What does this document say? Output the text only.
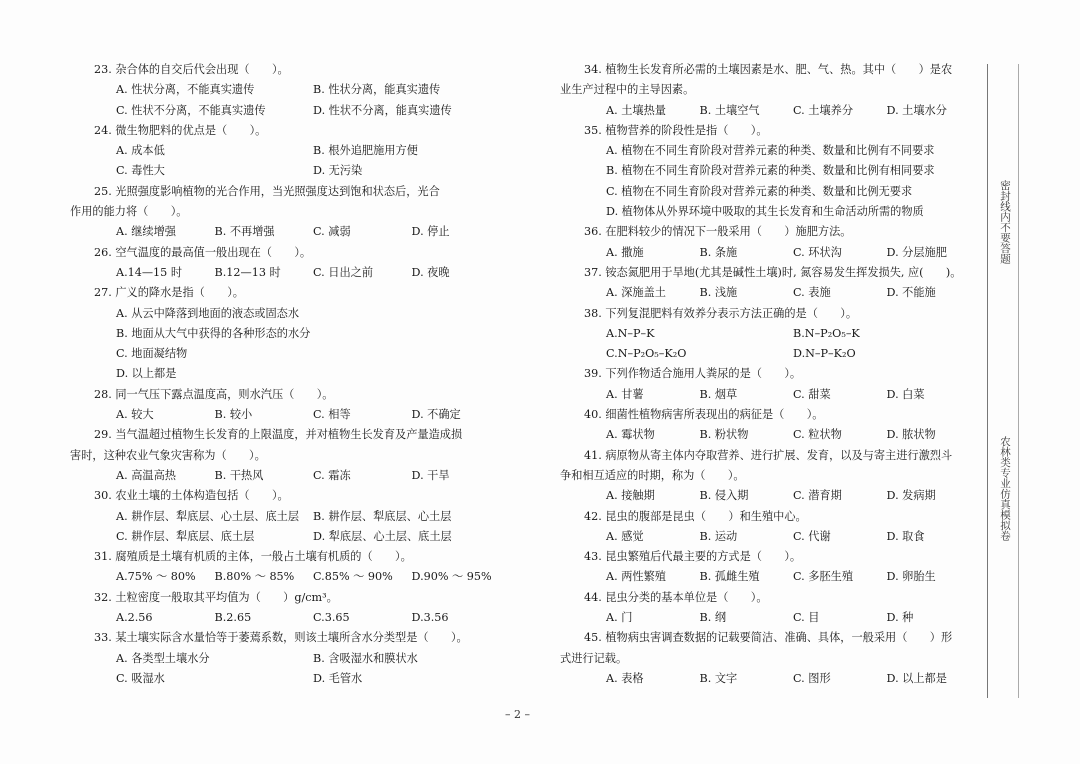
23. 杂合体的自交后代会出现（　　）。
A. 性状分离，不能真实遗传	B. 性状分离，能真实遗传
C. 性状不分离，不能真实遗传	D. 性状不分离，能真实遗传
24. 微生物肥料的优点是（　　）。
A. 成本低	B. 根外追肥施用方便
C. 毒性大	D. 无污染
25. 光照强度影响植物的光合作用，当光照强度达到饱和状态后，光合
作用的能力将（　　）。
A. 继续增强	B. 不再增强	C. 减弱	D. 停止
26. 空气温度的最高值一般出现在（　　）。
A.14—15 时	B.12—13 时	C. 日出之前	D. 夜晚
27. 广义的降水是指（　　）。
A. 从云中降落到地面的液态或固态水
B. 地面从大气中获得的各种形态的水分
C. 地面凝结物
D. 以上都是
28. 同一气压下露点温度高，则水汽压（　　）。
A. 较大	B. 较小	C. 相等	D. 不确定
29. 当气温超过植物生长发育的上限温度，并对植物生长发育及产量造成损
害时，这种农业气象灾害称为（　　）。
A. 高温高热	B. 干热风	C. 霜冻	D. 干旱
30. 农业土壤的土体构造包括（　　）。
A. 耕作层、犁底层、心土层、底土层	B. 耕作层、犁底层、心土层
C. 耕作层、犁底层、底土层	D. 犁底层、心土层、底土层
31. 腐殖质是土壤有机质的主体，一般占土壤有机质的（　　）。
A.75% ～ 80%	B.80% ～ 85%	C.85% ～ 90%	D.90% ～ 95%
32. 土粒密度一般取其平均值为（　　）g/cm³。
A.2.56	B.2.65	C.3.65	D.3.56
33. 某土壤实际含水量恰等于萎蔫系数，则该土壤所含水分类型是（　　）。
A. 各类型土壤水分	B. 含吸湿水和膜状水
C. 吸湿水	D. 毛管水
34. 植物生长发育所必需的土壤因素是水、肥、气、热。其中（　　）是农
业生产过程中的主导因素。
A. 土壤热量	B. 土壤空气	C. 土壤养分	D. 土壤水分
35. 植物营养的阶段性是指（　　）。
A. 植物在不同生育阶段对营养元素的种类、数量和比例有不同要求
B. 植物在不同生育阶段对营养元素的种类、数量和比例有相同要求
C. 植物在不同生育阶段对营养元素的种类、数量和比例无要求
D. 植物体从外界环境中吸取的其生长发育和生命活动所需的物质
36. 在肥料较少的情况下一般采用（　　）施肥方法。
A. 撒施	B. 条施	C. 环状沟	D. 分层施肥
37. 铵态氮肥用于旱地(尤其是碱性土壤)时, 氮容易发生挥发损失, 应(　　)。
A. 深施盖土	B. 浅施	C. 表施	D. 不能施
38. 下列复混肥料有效养分表示方法正确的是（　　）。
A.N–P–K	B.N–P₂O₅–K
C.N–P₂O₅–K₂O	D.N–P–K₂O
39. 下列作物适合施用人粪尿的是（　　）。
A. 甘薯	B. 烟草	C. 甜菜	D. 白菜
40. 细菌性植物病害所表现出的病征是（　　）。
A. 霉状物	B. 粉状物	C. 粒状物	D. 脓状物
41. 病原物从寄主体内夺取营养、进行扩展、发育，以及与寄主进行激烈斗
争和相互适应的时期，称为（　　）。
A. 接触期	B. 侵入期	C. 潜育期	D. 发病期
42. 昆虫的腹部是昆虫（　　）和生殖中心。
A. 感觉	B. 运动	C. 代谢	D. 取食
43. 昆虫繁殖后代最主要的方式是（　　）。
A. 两性繁殖	B. 孤雌生殖	C. 多胚生殖	D. 卵胎生
44. 昆虫分类的基本单位是（　　）。
A. 门	B. 纲	C. 目	D. 种
45. 植物病虫害调查数据的记载要简洁、准确、具体，一般采用（　　）形
式进行记载。
A. 表格	B. 文字	C. 图形	D. 以上都是
密封线内不要答题
农林类专业仿真模拟卷
– 2 –
